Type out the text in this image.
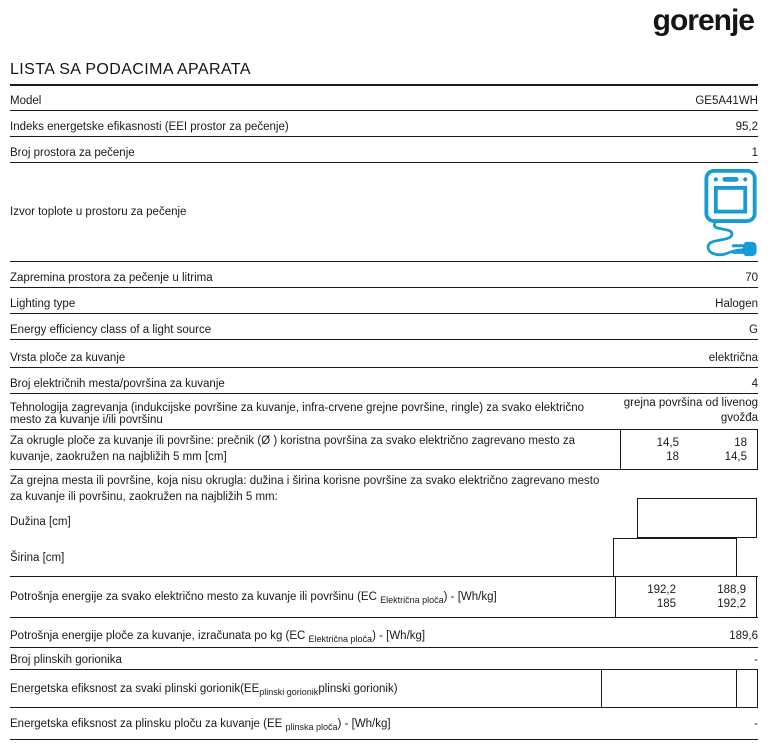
gorenje
LISTA SA PODACIMA APARATA
Model	GE5A41WH
Indeks energetske efikasnosti (EEI prostor za pečenje)	95,2
Broj prostora za pečenje	1
Izvor toplote u prostoru za pečenje
Zapremina prostora za pečenje u litrima	70
Lighting type	Halogen
Energy efficiency class of a light source	G
Vrsta ploče za kuvanje	električna
Broj električnih mesta/površina za kuvanje	4
Tehnologija zagrevanja (indukcijske površine za kuvanje, infra-crvene grejne površine, ringle) za svako električno mesto za kuvanje i/ili površinu
grejna površina od livenog gvožđa
Za okrugle ploče za kuvanje ili površine: prečnik (Ø ) koristna površina za svako električno zagrevano mesto za kuvanje, zaokružen na najbližih 5 mm [cm]
14,5	18
18	14,5
Za grejna mesta ili površine, koja nisu okrugla: dužina i širina korisne površine za svako električno zagrevano mesto za kuvanje ili površinu, zaokružen na najbližih 5 mm:
Dužina [cm]
Širina [cm]
Potrošnja energije za svako električno mesto za kuvanje ili površinu (EC $_{Električna ploča}$) - [Wh/kg]
192,2	188,9
185	192,2
Potrošnja energije ploče za kuvanje, izračunata po kg (EC $_{Električna ploča}$) - [Wh/kg]	189,6
Broj plinskih gorionika	-
Energetska efiksnost za svaki plinski $gorionik(EE_{plinski gorionik}plinski$ gorionik)
Energetska efiksnost za plinsku ploču za kuvanje (EE $_{plinska ploča}$) - [Wh/kg]	-
